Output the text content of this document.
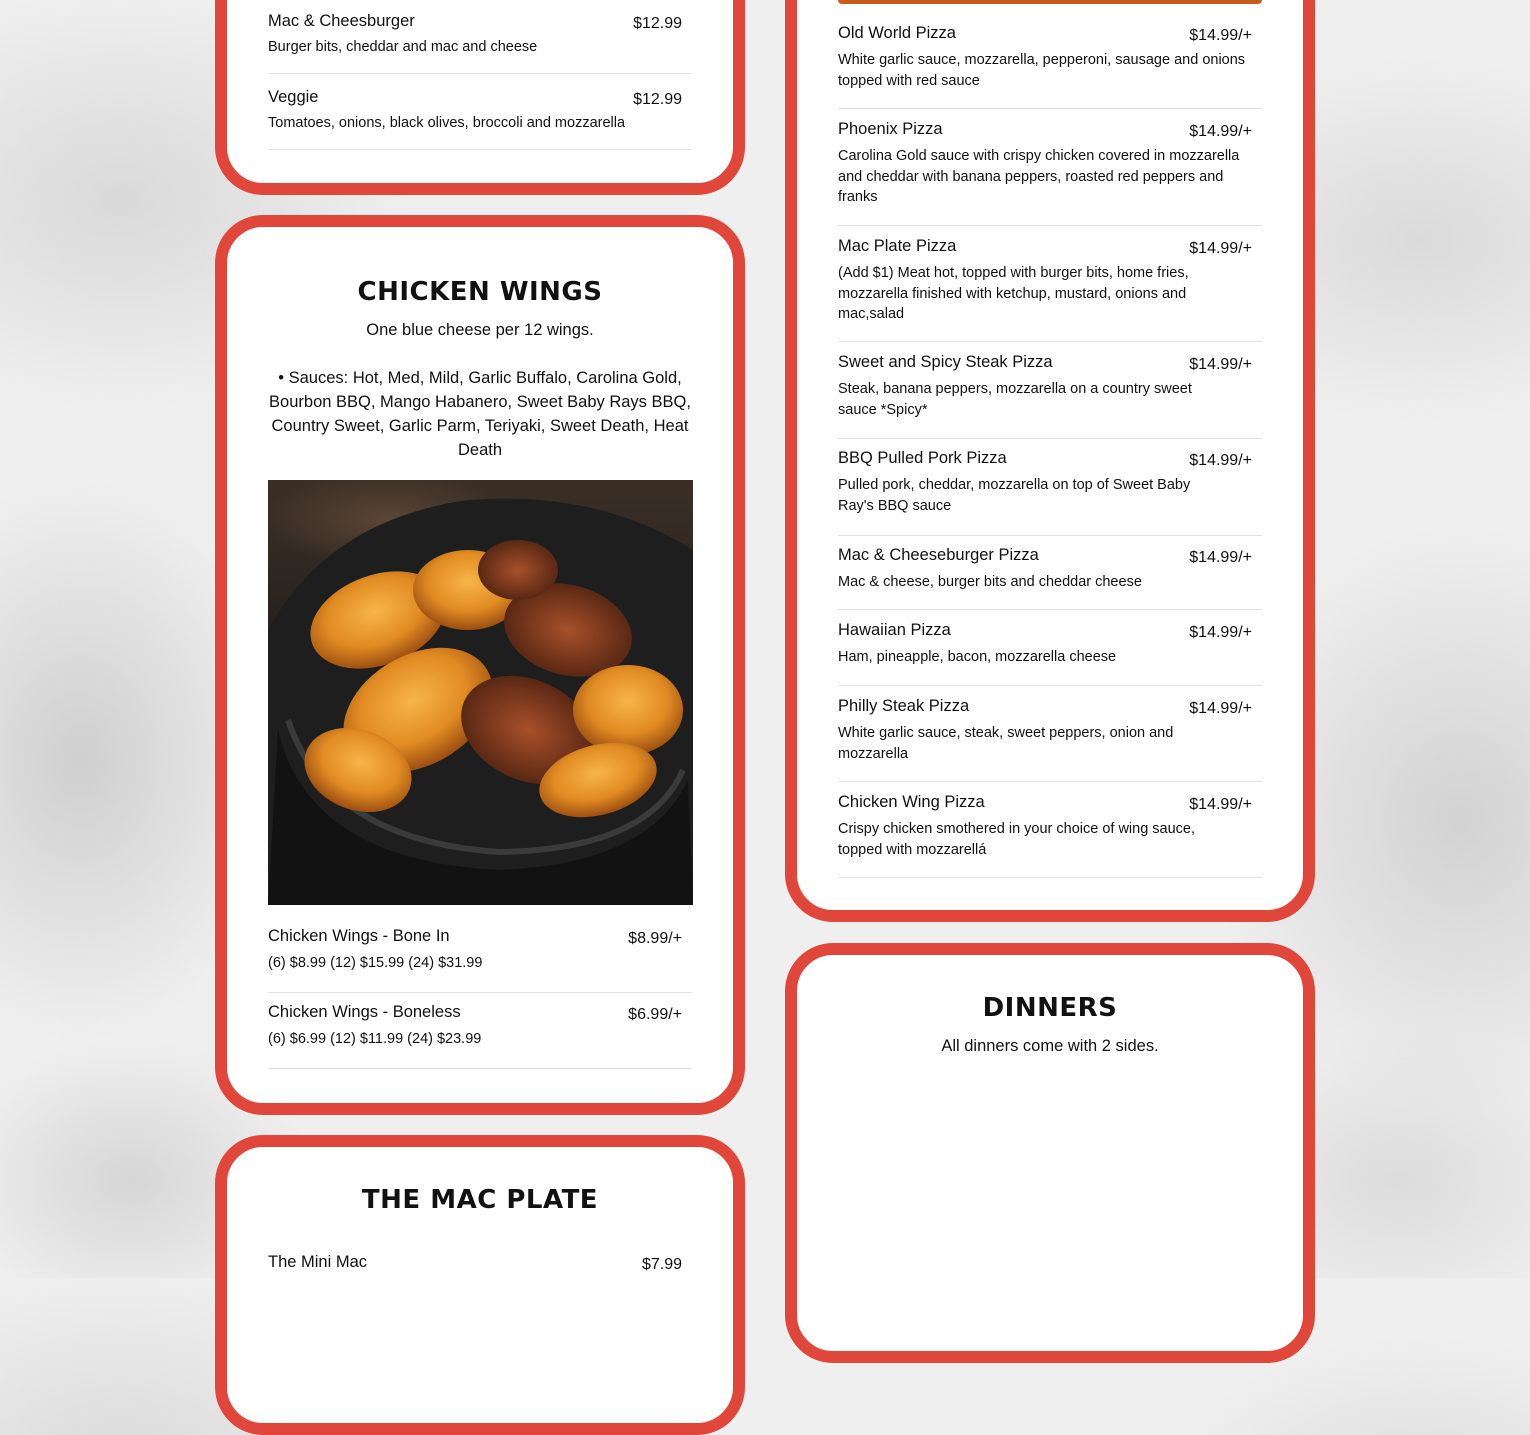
Mac & Cheesburger	$12.99
Burger bits, cheddar and mac and cheese
Veggie	$12.99
Tomatoes, onions, black olives, broccoli and mozzarella
CHICKEN WINGS
One blue cheese per 12 wings.
• Sauces: Hot, Med, Mild, Garlic Buffalo, Carolina Gold, Bourbon BBQ, Mango Habanero, Sweet Baby Rays BBQ, Country Sweet, Garlic Parm, Teriyaki, Sweet Death, Heat Death
Chicken Wings - Bone In	$8.99/+
(6) $8.99 (12) $15.99 (24) $31.99
Chicken Wings - Boneless	$6.99/+
(6) $6.99 (12) $11.99 (24) $23.99
THE MAC PLATE
The Mini Mac	$7.99
Old World Pizza	$14.99/+
White garlic sauce, mozzarella, pepperoni, sausage and onions topped with red sauce
Phoenix Pizza	$14.99/+
Carolina Gold sauce with crispy chicken covered in mozzarella and cheddar with banana peppers, roasted red peppers and franks
Mac Plate Pizza	$14.99/+
(Add $1) Meat hot, topped with burger bits, home fries, mozzarella finished with ketchup, mustard, onions and mac,salad
Sweet and Spicy Steak Pizza	$14.99/+
Steak, banana peppers, mozzarella on a country sweet sauce *Spicy*
BBQ Pulled Pork Pizza	$14.99/+
Pulled pork, cheddar, mozzarella on top of Sweet Baby Ray's BBQ sauce
Mac & Cheeseburger Pizza	$14.99/+
Mac & cheese, burger bits and cheddar cheese
Hawaiian Pizza	$14.99/+
Ham, pineapple, bacon, mozzarella cheese
Philly Steak Pizza	$14.99/+
White garlic sauce, steak, sweet peppers, onion and mozzarella
Chicken Wing Pizza	$14.99/+
Crispy chicken smothered in your choice of wing sauce, topped with mozzarellá
DINNERS
All dinners come with 2 sides.
